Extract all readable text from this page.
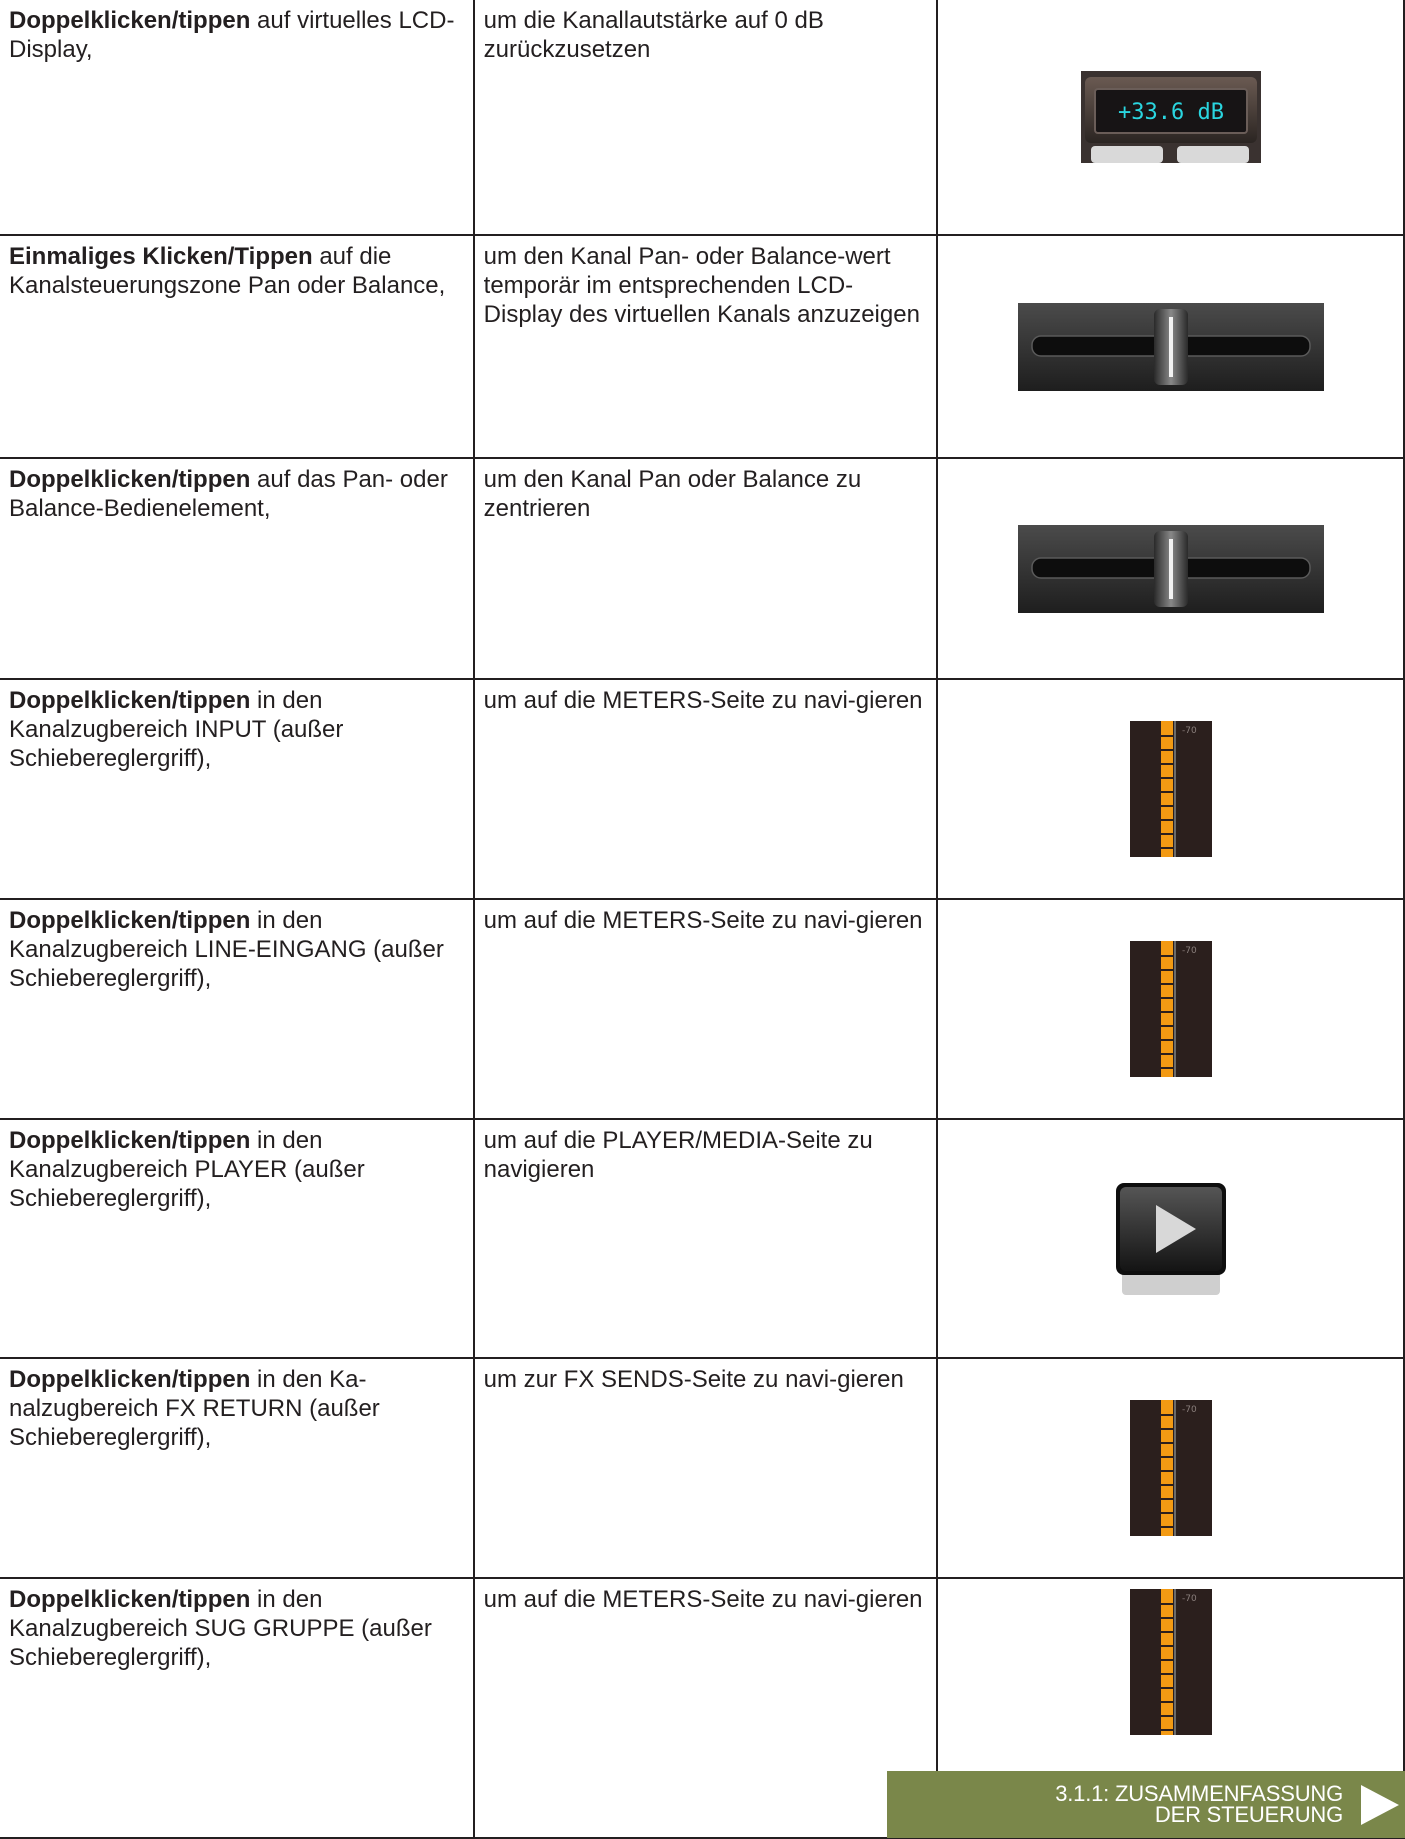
Doppelklicken/tippen auf virtuelles LCD-Display,	um die Kanallautstärke auf 0 dB zurückzusetzen	+33.6 dB

Einmaliges Klicken/Tippen auf die Kanalsteuerungszone Pan oder Balance,	um den Kanal Pan- oder Balance-wert temporär im entsprechenden LCD-Display des virtuellen Kanals anzuzeigen	

Doppelklicken/tippen auf das Pan- oder Balance-Bedienelement,	um den Kanal Pan oder Balance zu zentrieren	

Doppelklicken/tippen in den Kanalzugbereich INPUT (außer Schiebereglergriff),	um auf die METERS-Seite zu navi-gieren	-70

Doppelklicken/tippen in den Kanalzugbereich LINE-EINGANG (außer Schiebereglergriff),	um auf die METERS-Seite zu navi-gieren	-70

Doppelklicken/tippen in den Kanalzugbereich PLAYER (außer Schiebereglergriff),	um auf die PLAYER/MEDIA-Seite zu navigieren	

Doppelklicken/tippen in den Ka-nalzugbereich FX RETURN (außer Schiebereglergriff),	um zur FX SENDS-Seite zu navi-gieren	-70

Doppelklicken/tippen in den Kanalzugbereich SUG GRUPPE (außer Schiebereglergriff),	um auf die METERS-Seite zu navi-gieren	-70
3.1.1: ZUSAMMENFASSUNG
DER STEUERUNG
